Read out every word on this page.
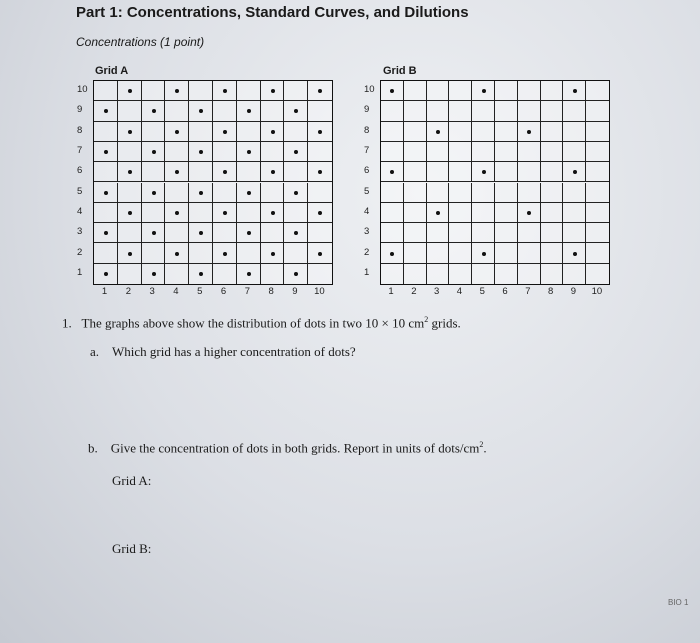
Part 1: Concentrations, Standard Curves, and Dilutions
Concentrations (1 point)
Grid A	Grid B
1. The graphs above show the distribution of dots in two 10 × 10 $cm^2$ grids.
a. Which grid has a higher concentration of dots?
b. Give the concentration of dots in both grids. Report in units of dots/$cm^2$.
Grid A:
Grid B:
BIO 1
10
9
8
7
6
5
4
3
2
1
1 2 3 4 5 6 7 8 9 10
10
9
8
7
6
5
4
3
2
1
1 2 3 4 5 6 7 8 9 10
